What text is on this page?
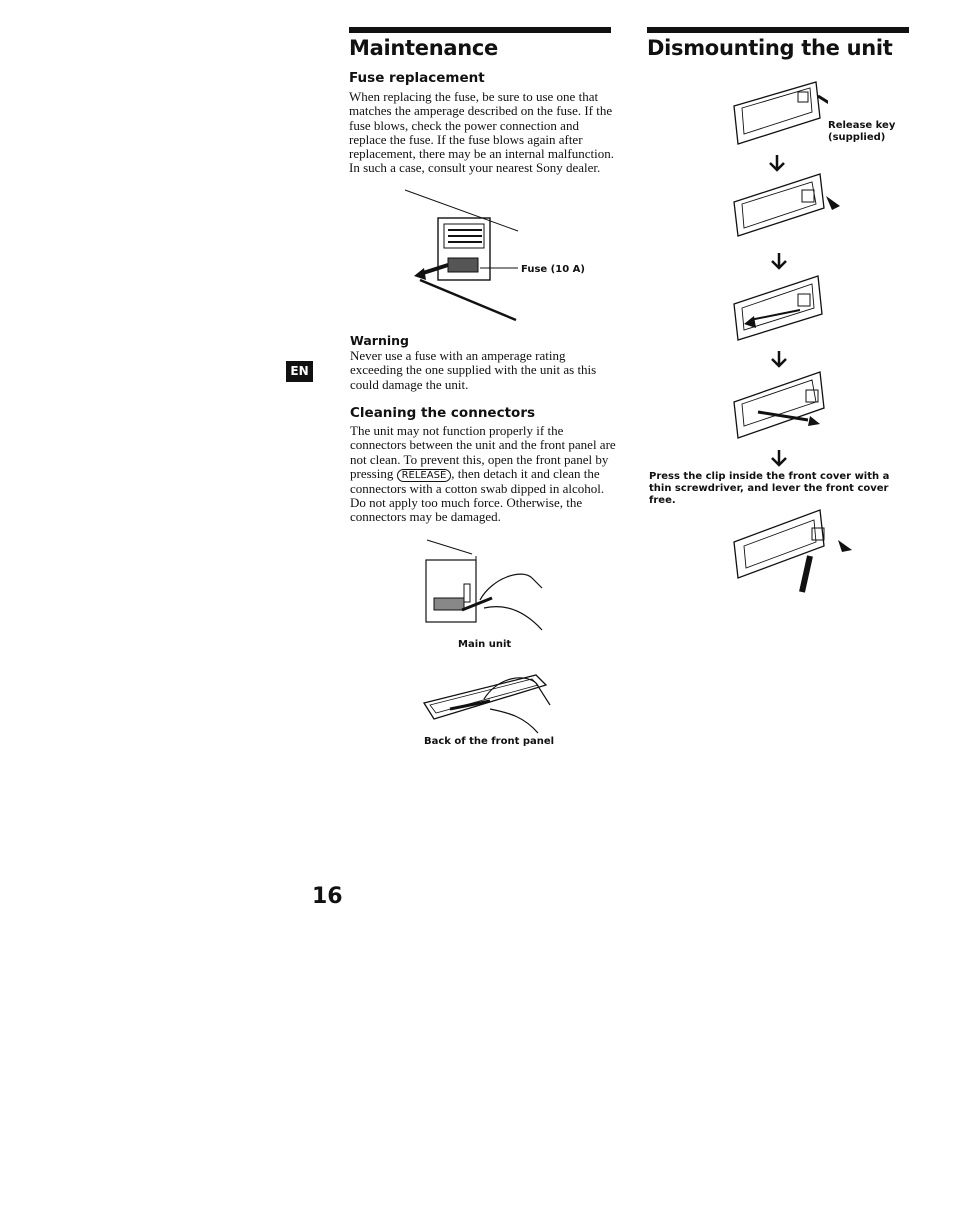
Maintenance
Fuse replacement

When replacing the fuse, be sure to use one that matches the amperage described on the fuse. If the fuse blows, check the power connection and replace the fuse. If the fuse blows again after replacement, there may be an internal malfunction. In such a case, consult your nearest Sony dealer.

Fuse (10 A)

Warning

Never use a fuse with an amperage rating exceeding the one supplied with the unit as this could damage the unit.

EN
Cleaning the connectors

The unit may not function properly if the connectors between the unit and the front panel are not clean. To prevent this, open the front panel by pressing RELEASE , then detach it and clean the connectors with a cotton swab dipped in alcohol. Do not apply too much force. Otherwise, the connectors may be damaged.

Main unit

Back of the front panel

16
Dismounting the unit

Release key (supplied)

Press the clip inside the front cover with a thin screwdriver, and lever the front cover free.
